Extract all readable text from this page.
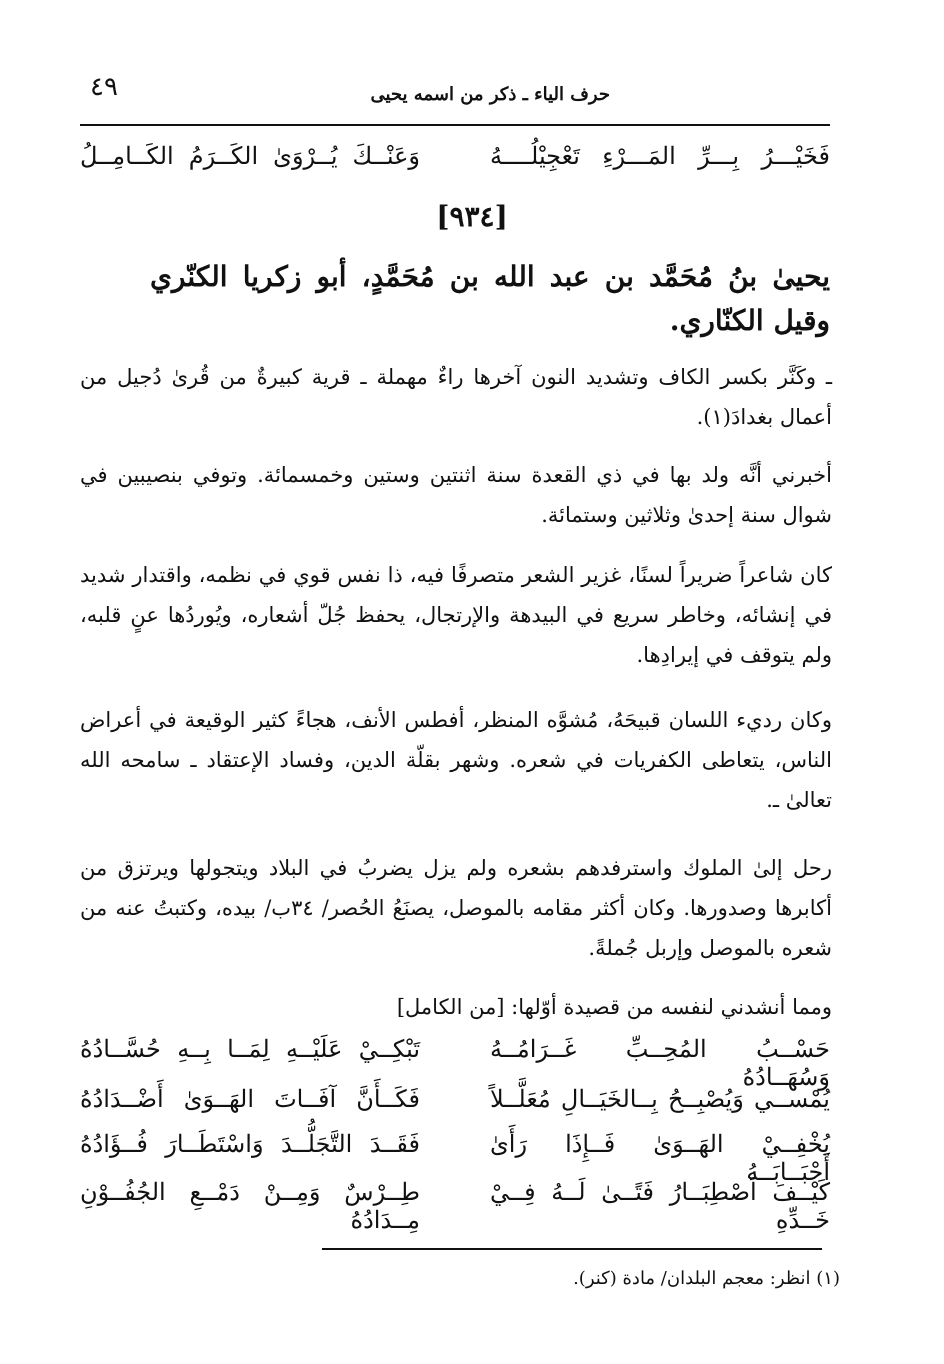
٤٩	حرف الياء ـ ذكر من اسمه يحيى
فَخَيْـــرُ بِـــرِّ المَـــرْءِ تَعْجِيْلُــــهُ
وَعَنْــكَ يُــرْوَىٰ الكَــرَمُ الكَــامِــلُ
[٩٣٤]
يحيىٰ بنُ مُحَمَّد بن عبد الله بن مُحَمَّدٍ، أبو زكريا الكنّري وقيل الكنّاري.
ـ وكَنَّر بكسر الكاف وتشديد النون آخرها راءٌ مهملة ـ قرية كبيرةٌ من قُرىٰ دُجيل من أعمال بغدادَ(١).
أخبرني أنَّه ولد بها في ذي القعدة سنة اثنتين وستين وخمسمائة. وتوفي بنصيبين في شوال سنة إحدىٰ وثلاثين وستمائة.
كان شاعراً ضريراً لسنًا، غزير الشعر متصرفًا فيه، ذا نفس قوي في نظمه، واقتدار شديد في إنشائه، وخاطر سريع في البيدهة والإرتجال، يحفظ جُلّ أشعاره، ويُوردُها عنٍ قلبه، ولم يتوقف في إيرادِها.
وكان رديء اللسان قبيحَهُ، مُشوَّه المنظر، أفطس الأنف، هجاءً كثير الوقيعة في أعراض الناس، يتعاطى الكفريات في شعره. وشهر بقلّة الدين، وفساد الإعتقاد ـ سامحه الله تعالىٰ ـ.
رحل إلىٰ الملوك واسترفدهم بشعره ولم يزل يضربُ في البلاد ويتجولها ويرتزق من أكابرها وصدورها. وكان أكثر مقامه بالموصل، يصنَعُ الحُصر/ ٣٤ب/ بيده، وكتبتُ عنه من شعره بالموصل وإربل جُملةً.
ومما أنشدني لنفسه من قصيدة أوّلها: [من الكامل]
حَسْــبُ المُحِــبِّ غَــرَامُــهُ وَسُهَــادُهُ
تَبْكِــيْ عَلَيْــهِ لِمَــا بِــهِ حُسَّــادُهُ
يُمْســي وَيُصْبِــحُ بِــالخَيَــالِ مُعَلَّــلاً
فَكَــأَنَّ آفَــاتَ الهَــوَىٰ أَضْــدَادُهُ
يُخْفِــيْ الهَــوَىٰ فَــإِذَا رَأَىٰ أَحْبَــابَــهُ
فَقَــدَ التَّجَلُّــدَ وَاسْتَطَــارَ فُــؤَادُهُ
كَيْــفَ اَصْطِبَــارُ فَتًــىٰ لَــهُ فِــيْ خَــدِّهِ
طِــرْسٌ وَمِــنْ دَمْــعِ الجُفُــوْنِ مِــدَادُهُ
(١) انظر: معجم البلدان/ مادة (كنر).
